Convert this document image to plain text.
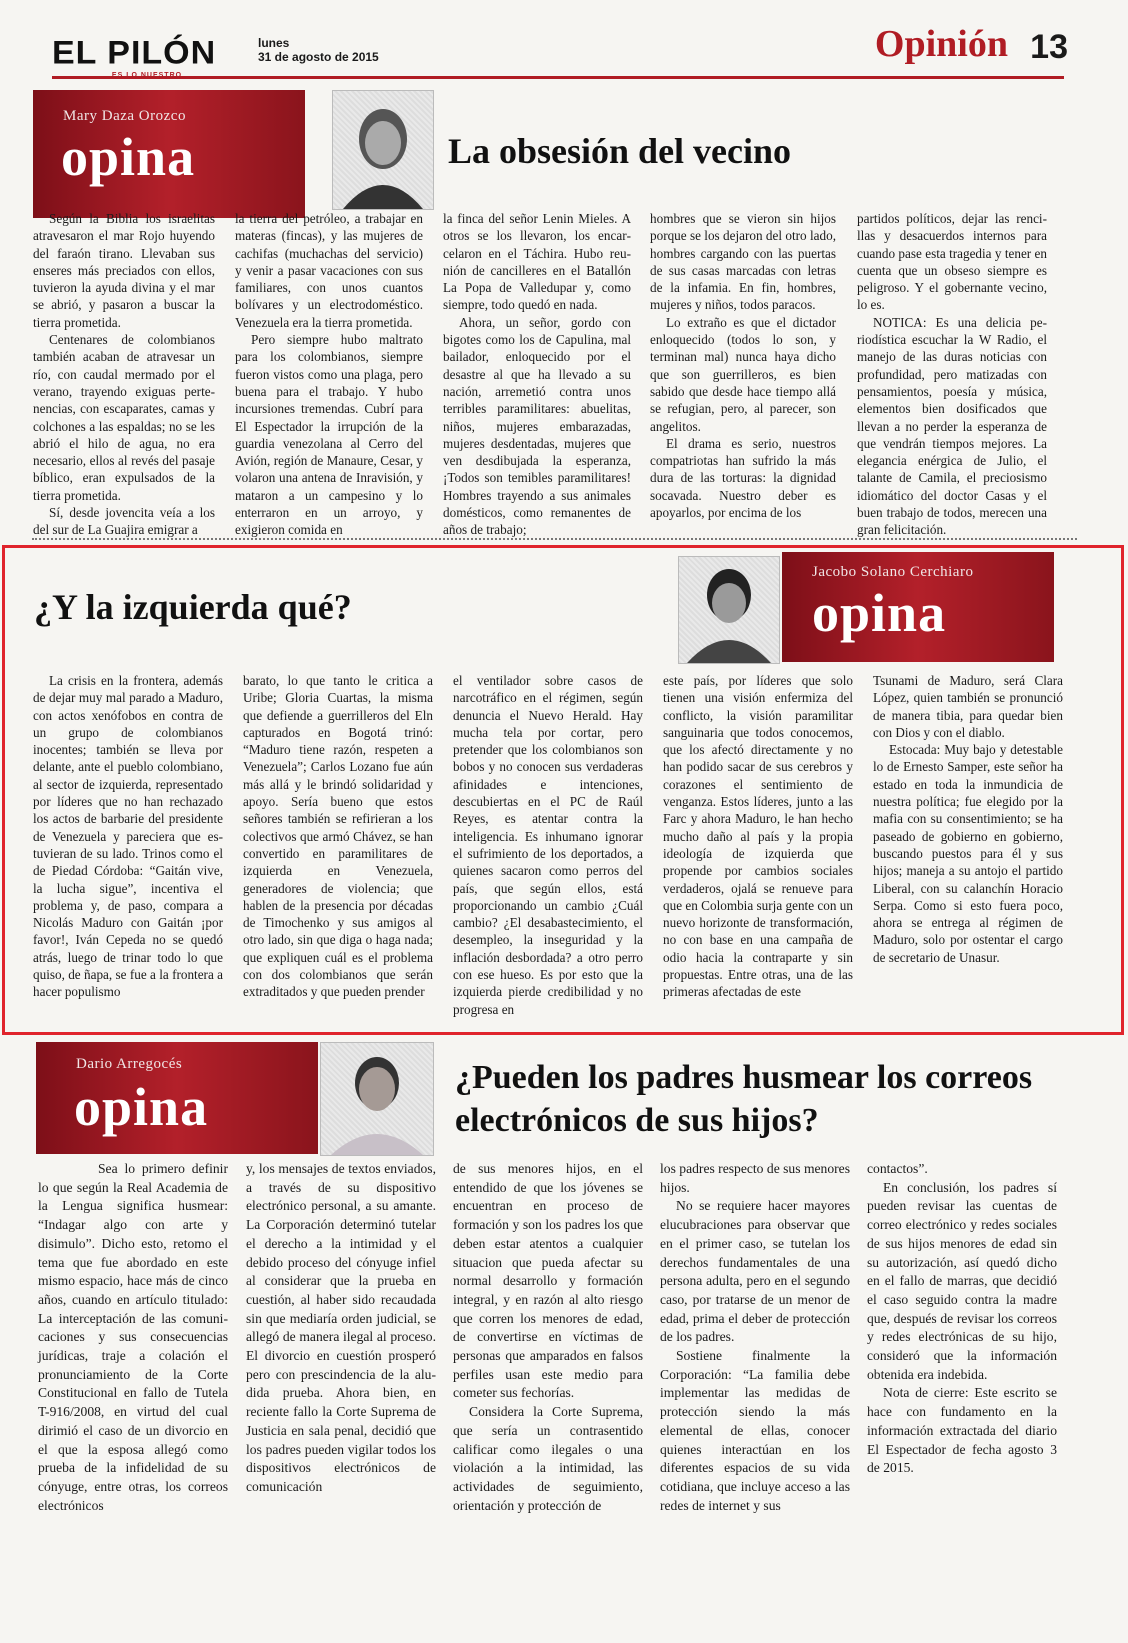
EL PILÓN	lunes
31 de agosto de 2015	Opinión 13
Mary Daza Orozco
opina	La obsesión del vecino

Según la Biblia los israelitas atravesaron el mar Rojo huyendo del faraón tirano. Llevaban sus enseres más preciados con ellos, tuvieron la ayuda divina y el mar se abrió, y pasaron a buscar la tierra prometida.

Centenares de colombianos también acaban de atravesar un río, con caudal mermado por el verano, trayendo exiguas pertenencias, con escaparates, camas y colchones a las espaldas; no se les abrió el hilo de agua, no era necesario, ellos al revés del pasaje bíblico, eran expulsados de la tierra prometida.

Sí, desde jovencita veía a los del sur de La Guajira emigrar a

la tierra del petróleo, a trabajar en materas (fincas), y las mujeres de cachifas (muchachas del servicio) y venir a pasar vacaciones con sus familiares, con unos cuantos bolívares y un electrodoméstico. Venezuela era la tierra prometida.

Pero siempre hubo maltrato para los colombianos, siempre fueron vistos como una plaga, pero buena para el trabajo. Y hubo incursiones tremendas. Cubrí para El Espectador la irrupción de la guardia venezolana al Cerro del Avión, región de Manaure, Cesar, y volaron una antena de Inravisión, y mataron a un campesino y lo enterraron en un arroyo, y exigieron comida en

la finca del señor Lenin Mieles. A otros se los llevaron, los encarcelaron en el Táchira. Hubo reunión de cancilleres en el Batallón La Popa de Valledupar y, como siempre, todo quedó en nada.

Ahora, un señor, gordo con bigotes como los de Capulina, mal bailador, enloquecido por el desastre al que ha llevado a su nación, arremetió contra unos terribles paramilitares: abuelitas, niños, mujeres embarazadas, mujeres desdentadas, mujeres que ven desdibujada la esperanza, ¡Todos son temibles paramilitares! Hombres trayendo a sus animales domésticos, como remanentes de años de trabajo;

hombres que se vieron sin hijos porque se los dejaron del otro lado, hombres cargando con las puertas de sus casas marcadas con letras de la infamia. En fin, hombres, mujeres y niños, todos paracos.

Lo extraño es que el dictador enloquecido (todos lo son, y terminan mal) nunca haya dicho que son guerrilleros, es bien sabido que desde hace tiempo allá se refugian, pero, al parecer, son angelitos.

El drama es serio, nuestros compatriotas han sufrido la más dura de las torturas: la dignidad socavada. Nuestro deber es apoyarlos, por encima de los

partidos políticos, dejar las rencillas y desacuerdos internos para cuando pase esta tragedia y tener en cuenta que un obseso siempre es peligroso. Y el gobernante vecino, lo es.

NOTICA: Es una delicia periodística escuchar la W Radio, el manejo de las duras noticias con profundidad, pero matizadas con pensamientos, poesía y música, elementos bien dosificados que llevan a no perder la esperanza de que vendrán tiempos mejores. La elegancia enérgica de Julio, el talante de Camila, el preciosismo idiomático del doctor Casas y el buen trabajo de todos, merecen una gran felicitación.

¿Y la izquierda qué?
Jacobo Solano Cerchiaro
opina

La crisis en la frontera, además de dejar muy mal parado a Maduro, con actos xenófobos en contra de un grupo de colombianos inocentes; también se lleva por delante, ante el pueblo colombiano, al sector de izquierda, representado por líderes que no han rechazado los actos de barbarie del presidente de Venezuela y pareciera que estuvieran de su lado. Trinos como el de Piedad Córdoba: “Gaitán vive, la lucha sigue”, incentiva el problema y, de paso, compara a Nicolás Maduro con Gaitán ¡por favor!, Iván Cepeda no se quedó atrás, luego de trinar todo lo que quiso, de ñapa, se fue a la frontera a hacer populismo

barato, lo que tanto le critica a Uribe; Gloria Cuartas, la misma que defiende a guerrilleros del Eln capturados en Bogotá trinó: “Maduro tiene razón, respeten a Venezuela”; Carlos Lozano fue aún más allá y le brindó solidaridad y apoyo. Sería bueno que estos señores también se refirieran a los colectivos que armó Chávez, se han convertido en paramilitares de izquierda en Venezuela, generadores de violencia; que hablen de la presencia por décadas de Timochenko y sus amigos al otro lado, sin que diga o haga nada; que expliquen cuál es el problema con dos colombianos que serán extraditados y que pueden prender

el ventilador sobre casos de narcotráfico en el régimen, según denuncia el Nuevo Herald. Hay mucha tela por cortar, pero pretender que los colombianos son bobos y no conocen sus verdaderas afinidades e intenciones, descubiertas en el PC de Raúl Reyes, es atentar contra la inteligencia. Es inhumano ignorar el sufrimiento de los deportados, a quienes sacaron como perros del país, que según ellos, está proporcionando un cambio ¿Cuál cambio? ¿El desabastecimiento, el desempleo, la inseguridad y la inflación desbordada? a otro perro con ese hueso. Es por esto que la izquierda pierde credibilidad y no progresa en

este país, por líderes que solo tienen una visión enfermiza del conflicto, la visión paramilitar sanguinaria que todos conocemos, que los afectó directamente y no han podido sacar de sus cerebros y corazones el sentimiento de venganza. Estos líderes, junto a las Farc y ahora Maduro, le han hecho mucho daño al país y la propia ideología de izquierda que propende por cambios sociales verdaderos, ojalá se renueve para que en Colombia surja gente con un nuevo horizonte de transformación, no con base en una campaña de odio hacia la contraparte y sin propuestas. Entre otras, una de las primeras afectadas de este

Tsunami de Maduro, será Clara López, quien también se pronunció de manera tibia, para quedar bien con Dios y con el diablo.

Estocada: Muy bajo y detestable lo de Ernesto Samper, este señor ha estado en toda la inmundicia de nuestra política; fue elegido por la mafia con su consentimiento; se ha paseado de gobierno en gobierno, buscando puestos para él y sus hijos; maneja a su antojo el partido Liberal, con su calanchín Horacio Serpa. Como si esto fuera poco, ahora se entrega al régimen de Maduro, solo por ostentar el cargo de secretario de Unasur.

Dario Arregocés
opina	¿Pueden los padres husmear los correos electrónicos de sus hijos?

Sea lo primero definir lo que según la Real Academia de la Lengua significa husmear: “Indagar algo con arte y disimulo”. Dicho esto, retomo el tema que fue abordado en este mismo espacio, hace más de cinco años, cuando en artículo titulado: La interceptación de las comunicaciones y sus consecuencias jurídicas, traje a colación el pronunciamiento de la Corte Constitucional en fallo de Tutela T-916/2008, en virtud del cual dirimió el caso de un divorcio en el que la esposa allegó como prueba de la infidelidad de su cónyuge, entre otras, los correos electrónicos

y, los mensajes de textos enviados, a través de su dispositivo electrónico personal, a su amante. La Corporación determinó tutelar el derecho a la intimidad y el debido proceso del cónyuge infiel al considerar que la prueba en cuestión, al haber sido recaudada sin que mediaría orden judicial, se allegó de manera ilegal al proceso. El divorcio en cuestión prosperó pero con prescindencia de la aludida prueba. Ahora bien, en reciente fallo la Corte Suprema de Justicia en sala penal, decidió que los padres pueden vigilar todos los dispositivos electrónicos de comunicación

de sus menores hijos, en el entendido de que los jóvenes se encuentran en proceso de formación y son los padres los que deben estar atentos a cualquier situacion que pueda afectar su normal desarrollo y formación integral, y en razón al alto riesgo que corren los menores de edad, de convertirse en víctimas de personas que amparados en falsos perfiles usan este medio para cometer sus fechorías.

Considera la Corte Suprema, que sería un contrasentido calificar como ilegales o una violación a la intimidad, las actividades de seguimiento, orientación y protección de

los padres respecto de sus menores hijos.

No se requiere hacer mayores elucubraciones para observar que en el primer caso, se tutelan los derechos fundamentales de una persona adulta, pero en el segundo caso, por tratarse de un menor de edad, prima el deber de protección de los padres.

Sostiene finalmente la Corporación: “La familia debe implementar las medidas de protección siendo la más elemental de ellas, conocer quienes interactúan en los diferentes espacios de su vida cotidiana, que incluye acceso a las redes de internet y sus

contactos”.

En conclusión, los padres sí pueden revisar las cuentas de correo electrónico y redes sociales de sus hijos menores de edad sin su autorización, así quedó dicho en el fallo de marras, que decidió el caso seguido contra la madre que, después de revisar los correos y redes electrónicas de su hijo, consideró que la información obtenida era indebida.

Nota de cierre: Este escrito se hace con fundamento en la información extractada del diario El Espectador de fecha agosto 3 de 2015.
